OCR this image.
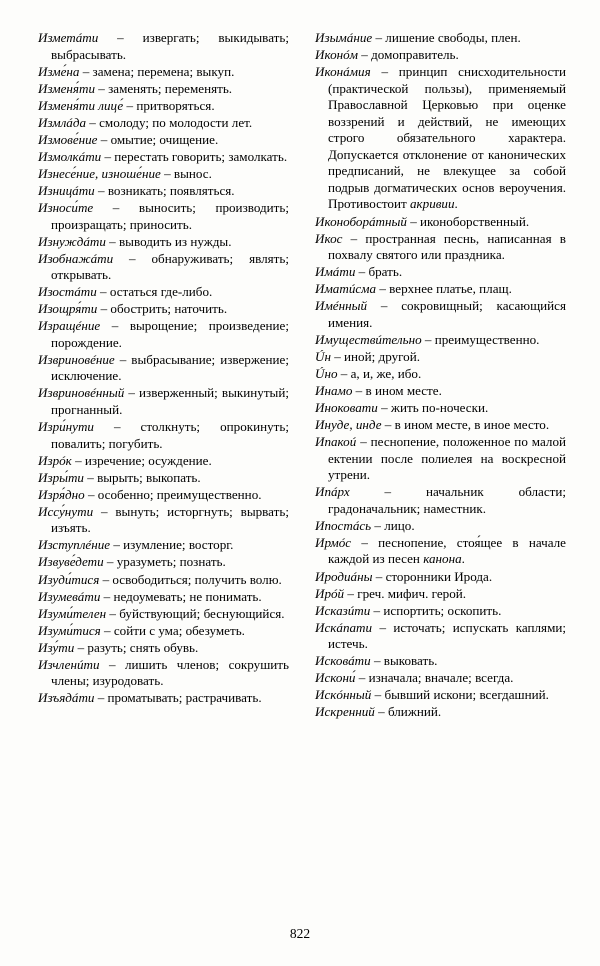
Изметáти – извергать; выкидывать; выбрасывать.

Изме́на – замена; перемена; выкуп.

Изменя́ти – заменять; переменять.

Изменя́ти лице́ – притворяться.

Измлáда – смолоду; по молодости лет.

Измове́ние – омытие; очищение.

Измолкáти – перестать говорить; замолкать.

Изнесе́ние, изноше́ние – вынос.

Изницáти – возникать; появляться.

Износи́те – выносить; производить; произращать; приносить.

Изнуждáти – выводить из нужды.

Изобнажáти – обнаруживать; являть; открывать.

Изостáти – остаться где-либо.

Изощря́ти – обострить; наточить.

Изращéние – вырощение; произвeдение; порождение.

Извриновéние – выбрасывание; извержение; исключение.

Извриновéнный – изверженный; выкинутый; прогнанный.

Изри́нути – столкнуть; опрокинуть; повалить; погубить.

Изрóк – изречение; осуждение.

Изры́ти – вырыть; выкопать.

Изря́дно – особенно; преимущественно.

Иссу́нути – вынуть; исторгнуть; вырвать; изъять.

Изступлéние – изумление; восторг.

Извуве́дети – уразуметь; познать.

Изуди́тися – освободиться; получить волю.

Изумевáти – недоумевать; не понимать.

Изуми́телен – буйствующий; беснующийся.

Изуми́тися – сойти с ума; обезуметь.

Изу́ти – разуть; снять обувь.

Изчленúти – лишить членов; сокрушить члены; изуродовать.

Изъядáти – проматывать; растрачивать.

Изымáние – лишение свободы, плен.

Иконóм – домоправитель.

Иконáмия – принцип снисходительности (практической пользы), применяемый Православной Церковью при оценке воззрений и действий, не имеющих строго обязательного характера. Допускается отклонение от канонических предписаний, не влекущее за собой подрыв догматических основ вероучения. Противостоит акривии.

Иконоборáтный – иконоборственный.

Икос – пространная песнь, написанная в похвалу святого или праздника.

Имáти – брать.

Иматúсма – верхнее платье, плащ.

Имéнный – сокровищный; касающийся имения.

Имуществúтельно – преимущественно.

Úн – иной; другой.

Úно – а, и, же, ибо.

Инамо – в ином месте.

Иноковати – жить по-ночески.

Инуде, инде – в ином месте, в иное место.

Ипакоú – песнопение, положенное по малой ектении после полиелея на воскресной утрени.

Ипáрх – начальник области; градоначальник; наместник.

Ипостáсь – лицо.

Ирмóс – песнопение, стоя́щее в начале каждой из песен канона.

Иродиáны – сторонники Ирода.

Ирóй – греч. мифич. герой.

Исказúти – испортить; оскопить.

Искáпати – источать; испускать каплями; истечь.

Исковáти – выковать.

Искони́ – изначала; вначале; всегда.

Искóнный – бывший искони; всегдашний.

Искренний – ближний.

822
